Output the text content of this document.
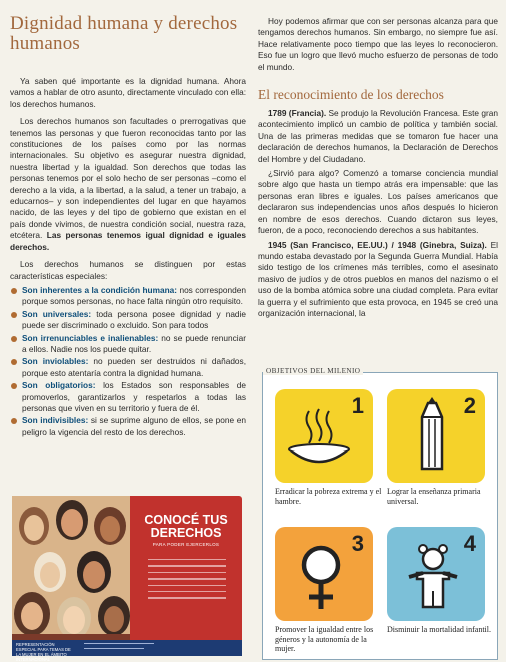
Dignidad humana y derechos humanos

Ya saben qué importante es la dignidad humana. Ahora vamos a hablar de otro asunto, directamente vinculado con ella: los derechos humanos.

Los derechos humanos son facultades o prerrogativas que tenemos las personas y que fueron reconocidas tanto por las constituciones de los países como por las normas internacionales. Su objetivo es asegurar nuestra dignidad, nuestra libertad y la igualdad. Son derechos que todas las personas tenemos por el solo hecho de ser personas –como el derecho a la vida, a la libertad, a la salud, a tener un trabajo, a educarnos– y son independientes del lugar en que hayamos nacido, de las leyes y del tipo de gobierno que existan en el país donde vivimos, de nuestra condición social, nuestra raza, etcétera. Las personas tenemos igual dignidad e iguales derechos.

Los derechos humanos se distinguen por estas características especiales:

Son inherentes a la condición humana: nos corresponden porque somos personas, no hace falta ningún otro requisito.
Son universales: toda persona posee dignidad y nadie puede ser discriminado o excluido. Son para todos
Son irrenunciables e inalienables: no se puede renunciar a ellos. Nadie nos los puede quitar.
Son inviolables: no pueden ser destruidos ni dañados, porque esto atentaría contra la dignidad humana.
Son obligatorios: los Estados son responsables de promoverlos, garantizarlos y respetarlos a todas las personas que viven en su territorio y fuera de él.
Son indivisibles: si se suprime alguno de ellos, se pone en peligro la vigencia del resto de los derechos.
CONOCÉ TUS DERECHOS
PARA PODER EJERCERLOS
REPRESENTACIÓN ESPECIAL PARA TEMAS DE LA MUJER EN EL ÁMBITO INTERNACIONAL

Hoy podemos afirmar que con ser personas alcanza para que tengamos derechos humanos. Sin embargo, no siempre fue así. Hace relativamente poco tiempo que las leyes lo reconocieron. Eso fue un logro que llevó mucho esfuerzo de personas de todo el mundo.

El reconocimiento de los derechos

1789 (Francia). Se produjo la Revolución Francesa. Este gran acontecimiento implicó un cambio de política y también social. Una de las primeras medidas que se tomaron fue hacer una declaración de derechos humanos, la Declaración de Derechos del Hombre y del Ciudadano.

¿Sirvió para algo? Comenzó a tomarse conciencia mundial sobre algo que hasta un tiempo atrás era impensable: que las personas eran libres e iguales. Los países americanos que declararon sus independencias unos años después lo hicieron en nombre de esos derechos. Cuando dictaron sus leyes, fueron, de a poco, reconociendo derechos a sus habitantes.

1945 (San Francisco, EE.UU.) / 1948 (Ginebra, Suiza). El mundo estaba devastado por la Segunda Guerra Mundial. Había sido testigo de los crímenes más terribles, como el asesinato masivo de judíos y de otros pueblos en manos del nazismo o el uso de la bomba atómica sobre una ciudad completa. Para evitar la guerra y el sufrimiento que esta provoca, en 1945 se creó una organización internacional, la

OBJETIVOS DEL MILENIO
1	2
Erradicar la pobreza extrema y el hambre.
Lograr la enseñanza primaria universal.
3	4
Promover la igualdad entre los géneros y la autonomía de la mujer.
Disminuir la mortalidad infantil.
